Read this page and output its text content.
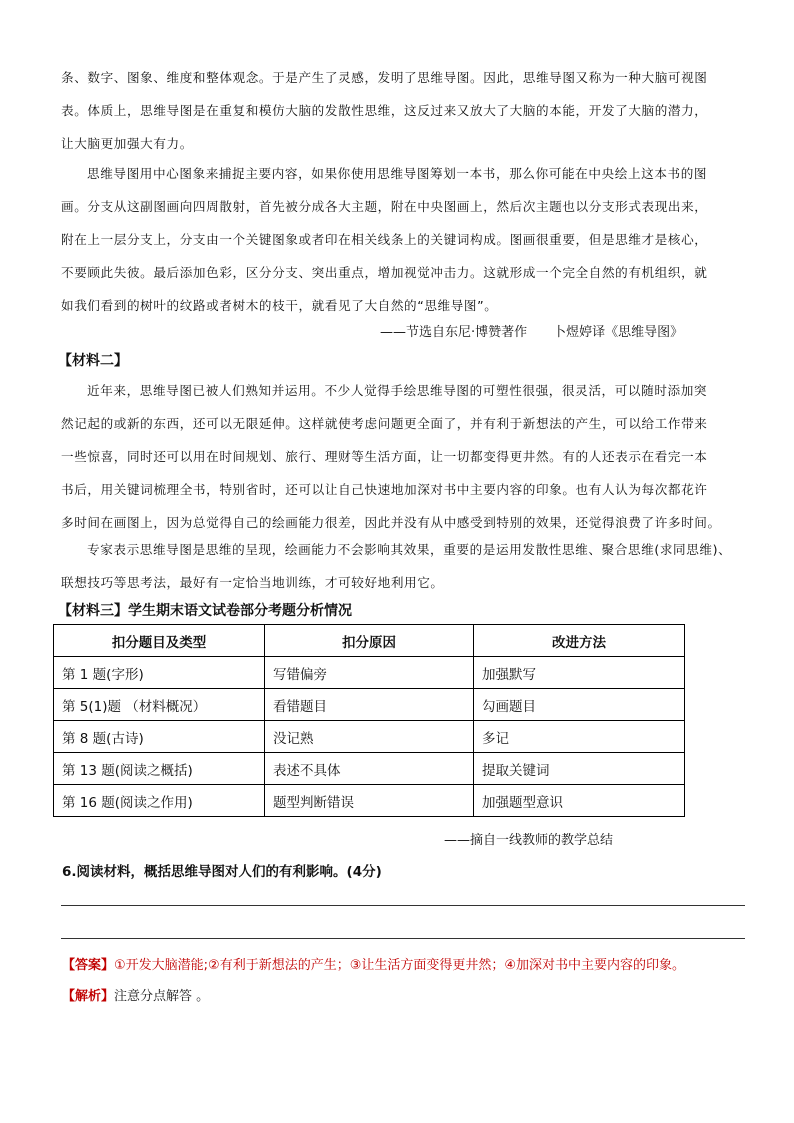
条、数字、图象、维度和整体观念。于是产生了灵感，发明了思维导图。因此，思维导图又称为一种大脑可视图
表。体质上，思维导图是在重复和模仿大脑的发散性思维，这反过来又放大了大脑的本能，开发了大脑的潜力，
让大脑更加强大有力。
思维导图用中心图象来捕捉主要内容，如果你使用思维导图筹划一本书，那么你可能在中央绘上这本书的图
画。分支从这副图画向四周散射，首先被分成各大主题，附在中央图画上，然后次主题也以分支形式表现出来，
附在上一层分支上，分支由一个关键图象或者印在相关线条上的关键词构成。图画很重要，但是思维才是核心，
不要顾此失彼。最后添加色彩，区分分支、突出重点，增加视觉冲击力。这就形成一个完全自然的有机组织，就
如我们看到的树叶的纹路或者树木的枝干，就看见了大自然的“思维导图”。
——节选自东尼·博赞著作　　卜煜婷译《思维导图》
【材料二】
近年来，思维导图已被人们熟知并运用。不少人觉得手绘思维导图的可塑性很强，很灵活，可以随时添加突
然记起的或新的东西，还可以无限延伸。这样就使考虑问题更全面了，并有利于新想法的产生，可以给工作带来
一些惊喜，同时还可以用在时间规划、旅行、理财等生活方面，让一切都变得更井然。有的人还表示在看完一本
书后，用关键词梳理全书，特别省时，还可以让自己快速地加深对书中主要内容的印象。也有人认为每次都花许
多时间在画图上，因为总觉得自己的绘画能力很差，因此并没有从中感受到特别的效果，还觉得浪费了许多时间。
专家表示思维导图是思维的呈现，绘画能力不会影响其效果，重要的是运用发散性思维、聚合思维(求同思维)、
联想技巧等思考法，最好有一定恰当地训练，才可较好地利用它。
【材料三】学生期末语文试卷部分考题分析情况
扣分题目及类型	扣分原因	改进方法
第 1 题(字形)	写错偏旁	加强默写
第 5(1)题 （材料概况）	看错题目	勾画题目
第 8 题(古诗)	没记熟	多记
第 13 题(阅读之概括)	表述不具体	提取关键词
第 16 题(阅读之作用)	题型判断错误	加强题型意识
——摘自一线教师的教学总结
6.阅读材料，概括思维导图对人们的有利影响。(4分)
【答案】①开发大脑潜能;②有利于新想法的产生；③让生活方面变得更井然；④加深对书中主要内容的印象。
【解析】注意分点解答 。
